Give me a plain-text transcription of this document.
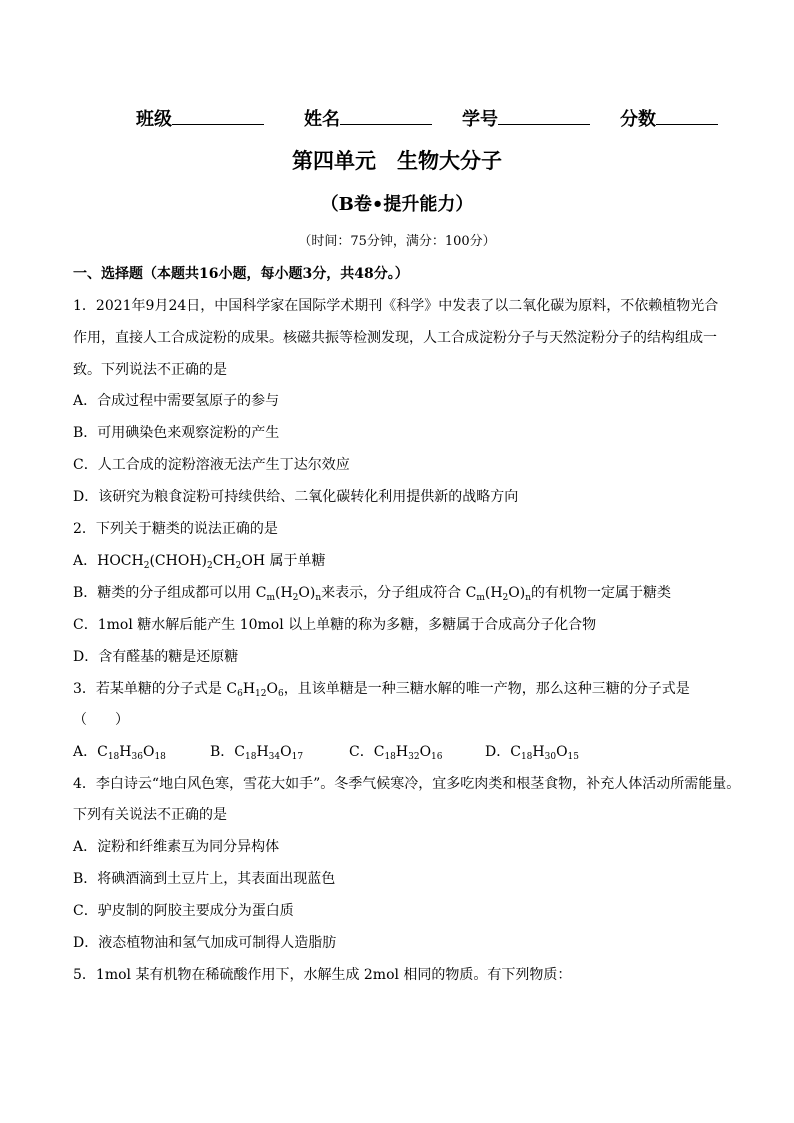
班级	姓名	学号	分数
第四单元　生物大分子
（B卷•提升能力）
（时间：75分钟，满分：100分）
一、选择题（本题共16小题，每小题3分，共48分。）
1．2021年9月24日，中国科学家在国际学术期刊《科学》中发表了以二氧化碳为原料，不依赖植物光合
作用，直接人工合成淀粉的成果。核磁共振等检测发现，人工合成淀粉分子与天然淀粉分子的结构组成一
致。下列说法不正确的是
A．合成过程中需要氢原子的参与
B．可用碘染色来观察淀粉的产生
C．人工合成的淀粉溶液无法产生丁达尔效应
D．该研究为粮食淀粉可持续供给、二氧化碳转化利用提供新的战略方向
2．下列关于糖类的说法正确的是
A．$HOCH_2(CHOH)_2CH_2OH$ 属于单糖
B．糖类的分子组成都可以用 $C_m(H_2O)_n$来表示，分子组成符合 $C_m(H_2O)_n$的有机物一定属于糖类
C．1mol 糖水解后能产生 10mol 以上单糖的称为多糖，多糖属于合成高分子化合物
D．含有醛基的糖是还原糖
3．若某单糖的分子式是 $C_6H_{12}O_6$，且该单糖是一种三糖水解的唯一产物，那么这种三糖的分子式是
（　　）
A．$C_{18}H_{36}O_{18}$	B．$C_{18}H_{34}O_{17}$	C．$C_{18}H_{32}O_{16}$	D．$C_{18}H_{30}O_{15}$
4．李白诗云“地白风色寒，雪花大如手”。冬季气候寒冷，宜多吃肉类和根茎食物，补充人体活动所需能量。
下列有关说法不正确的是
A．淀粉和纤维素互为同分异构体
B．将碘酒滴到土豆片上，其表面出现蓝色
C．驴皮制的阿胶主要成分为蛋白质
D．液态植物油和氢气加成可制得人造脂肪
5．1mol 某有机物在稀硫酸作用下，水解生成 2mol 相同的物质。有下列物质：
